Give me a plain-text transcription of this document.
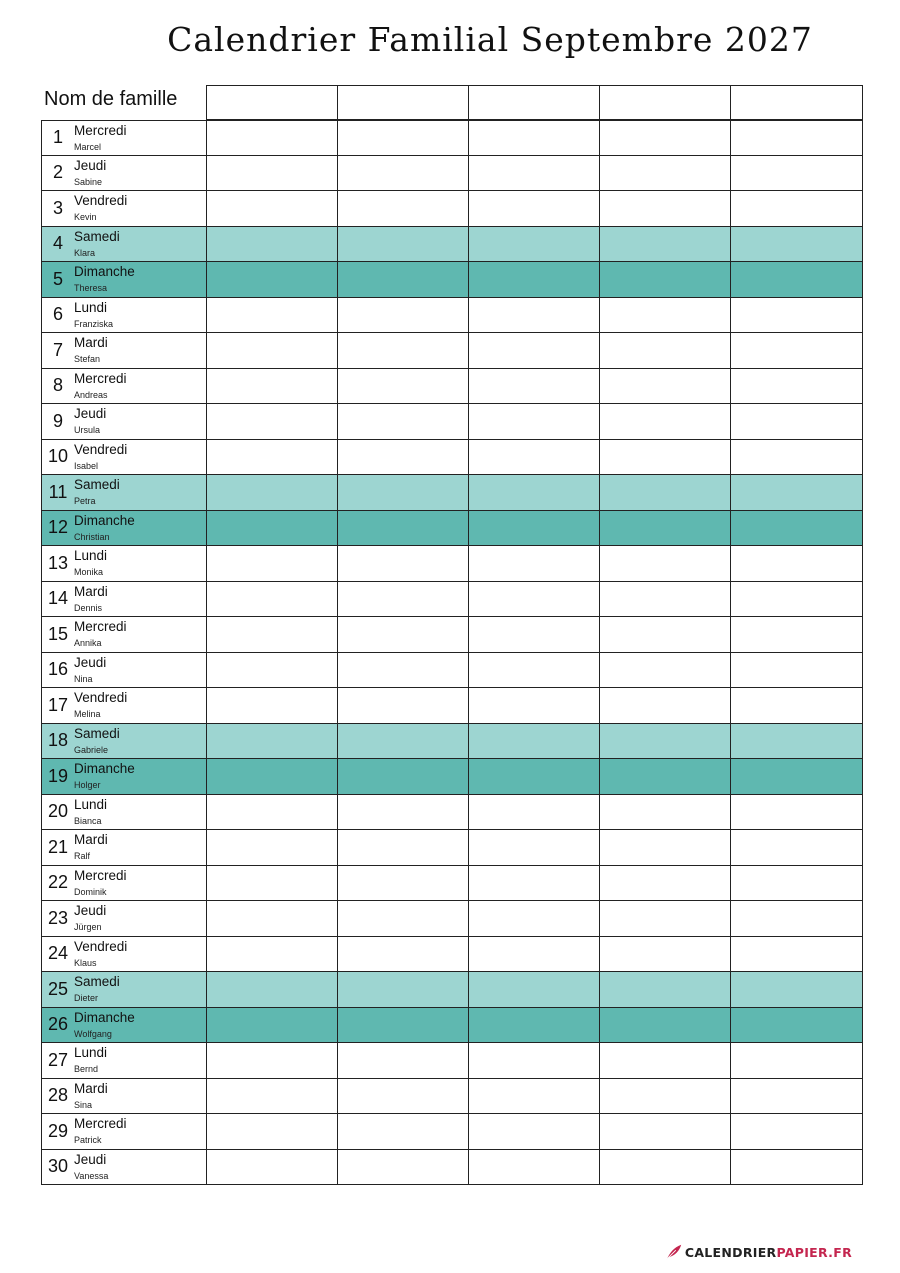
Calendrier Familial Septembre 2027
Nom de famille
1 Mercredi
Marcel
2 Jeudi
Sabine
3 Vendredi
Kevin
4 Samedi
Klara
5 Dimanche
Theresa
6 Lundi
Franziska
7 Mardi
Stefan
8 Mercredi
Andreas
9 Jeudi
Ursula
10 Vendredi
Isabel
11 Samedi
Petra
12 Dimanche
Christian
13 Lundi
Monika
14 Mardi
Dennis
15 Mercredi
Annika
16 Jeudi
Nina
17 Vendredi
Melina
18 Samedi
Gabriele
19 Dimanche
Holger
20 Lundi
Bianca
21 Mardi
Ralf
22 Mercredi
Dominik
23 Jeudi
Jürgen
24 Vendredi
Klaus
25 Samedi
Dieter
26 Dimanche
Wolfgang
27 Lundi
Bernd
28 Mardi
Sina
29 Mercredi
Patrick
30 Jeudi
Vanessa
CALENDRIER PAPIER.FR
